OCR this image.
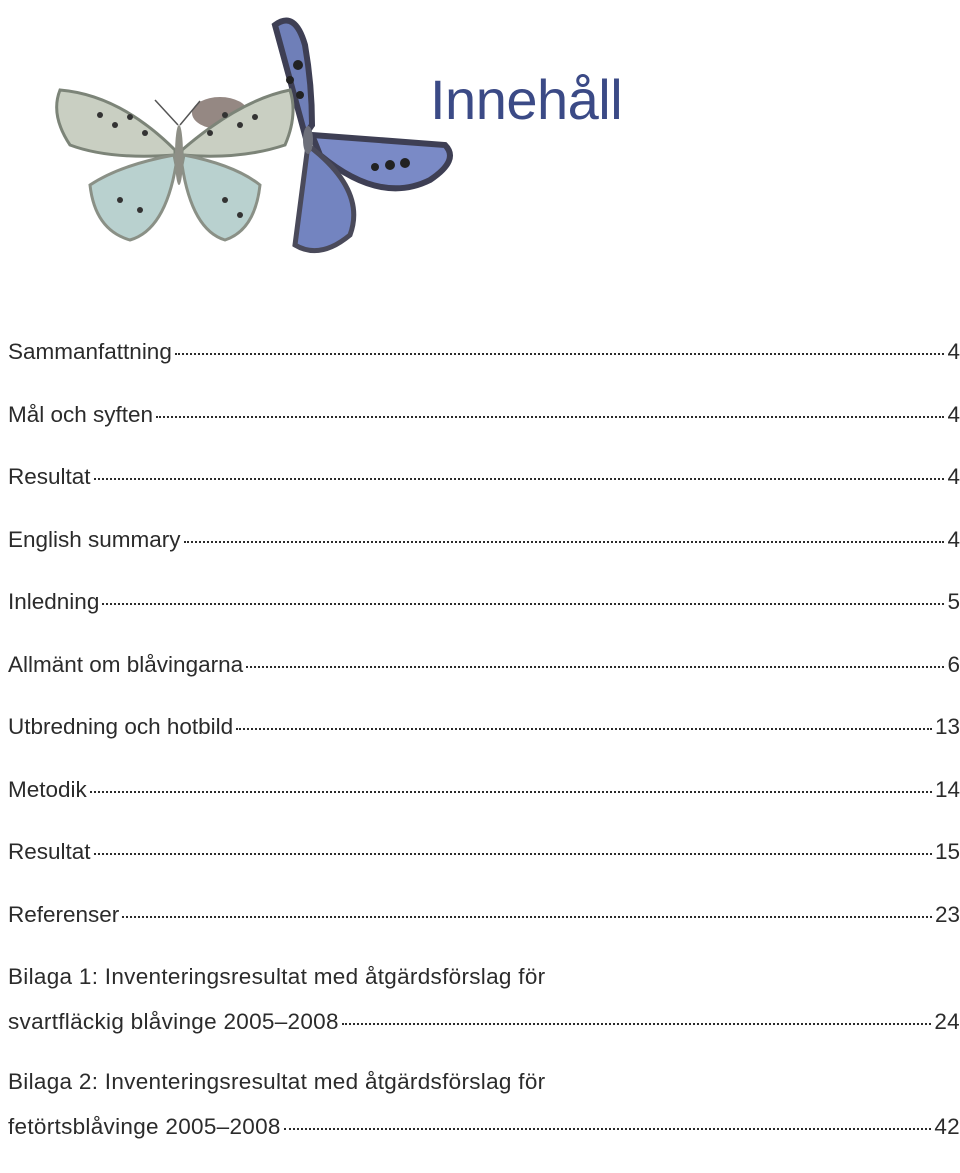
Innehåll
Sammanfattning	4
Mål och syften	4
Resultat	4
English summary	4
Inledning	5
Allmänt om blåvingarna	6
Utbredning och hotbild	13
Metodik	14
Resultat	15
Referenser	23
Bilaga 1: Inventeringsresultat med åtgärdsförslag för
svartfläckig blåvinge 2005–2008	24
Bilaga 2: Inventeringsresultat med åtgärdsförslag för
fetörtsblåvinge 2005–2008	42
